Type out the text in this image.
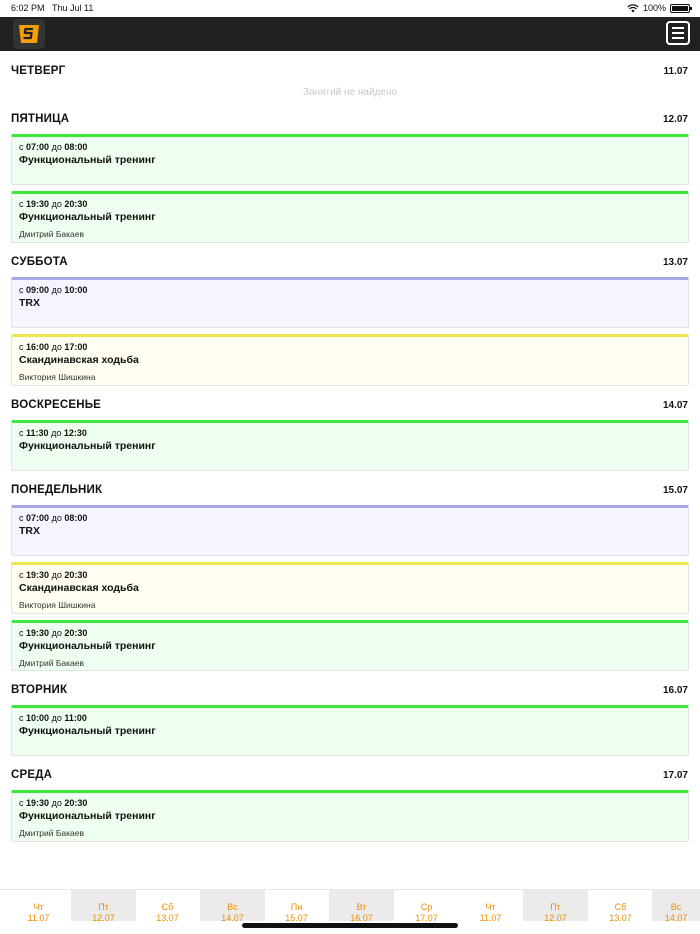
6:02 PM Thu Jul 11	100%
ЧЕТВЕРГ	11.07
Занятий не найдено
ПЯТНИЦА	12.07
с 07:00 до 08:00
Функциональный тренинг
с 19:30 до 20:30
Функциональный тренинг
Дмитрий Бакаев
СУББОТА	13.07
с 09:00 до 10:00
TRX
с 16:00 до 17:00
Скандинавская ходьба
Виктория Шишкина
ВОСКРЕСЕНЬЕ	14.07
с 11:30 до 12:30
Функциональный тренинг
ПОНЕДЕЛЬНИК	15.07
с 07:00 до 08:00
TRX
с 19:30 до 20:30
Скандинавская ходьба
Виктория Шишкина
с 19:30 до 20:30
Функциональный тренинг
Дмитрий Бакаев
ВТОРНИК	16.07
с 10:00 до 11:00
Функциональный тренинг
СРЕДА	17.07
с 19:30 до 20:30
Функциональный тренинг
Дмитрий Бакаев
Чт
11.07
Пт
12.07
Сб
13.07
Вс
14.07
Пн
15.07
Вт
16.07
Ср
17.07
Чт
11.07
Пт
12.07
Сб
13.07
Вс
14.07
